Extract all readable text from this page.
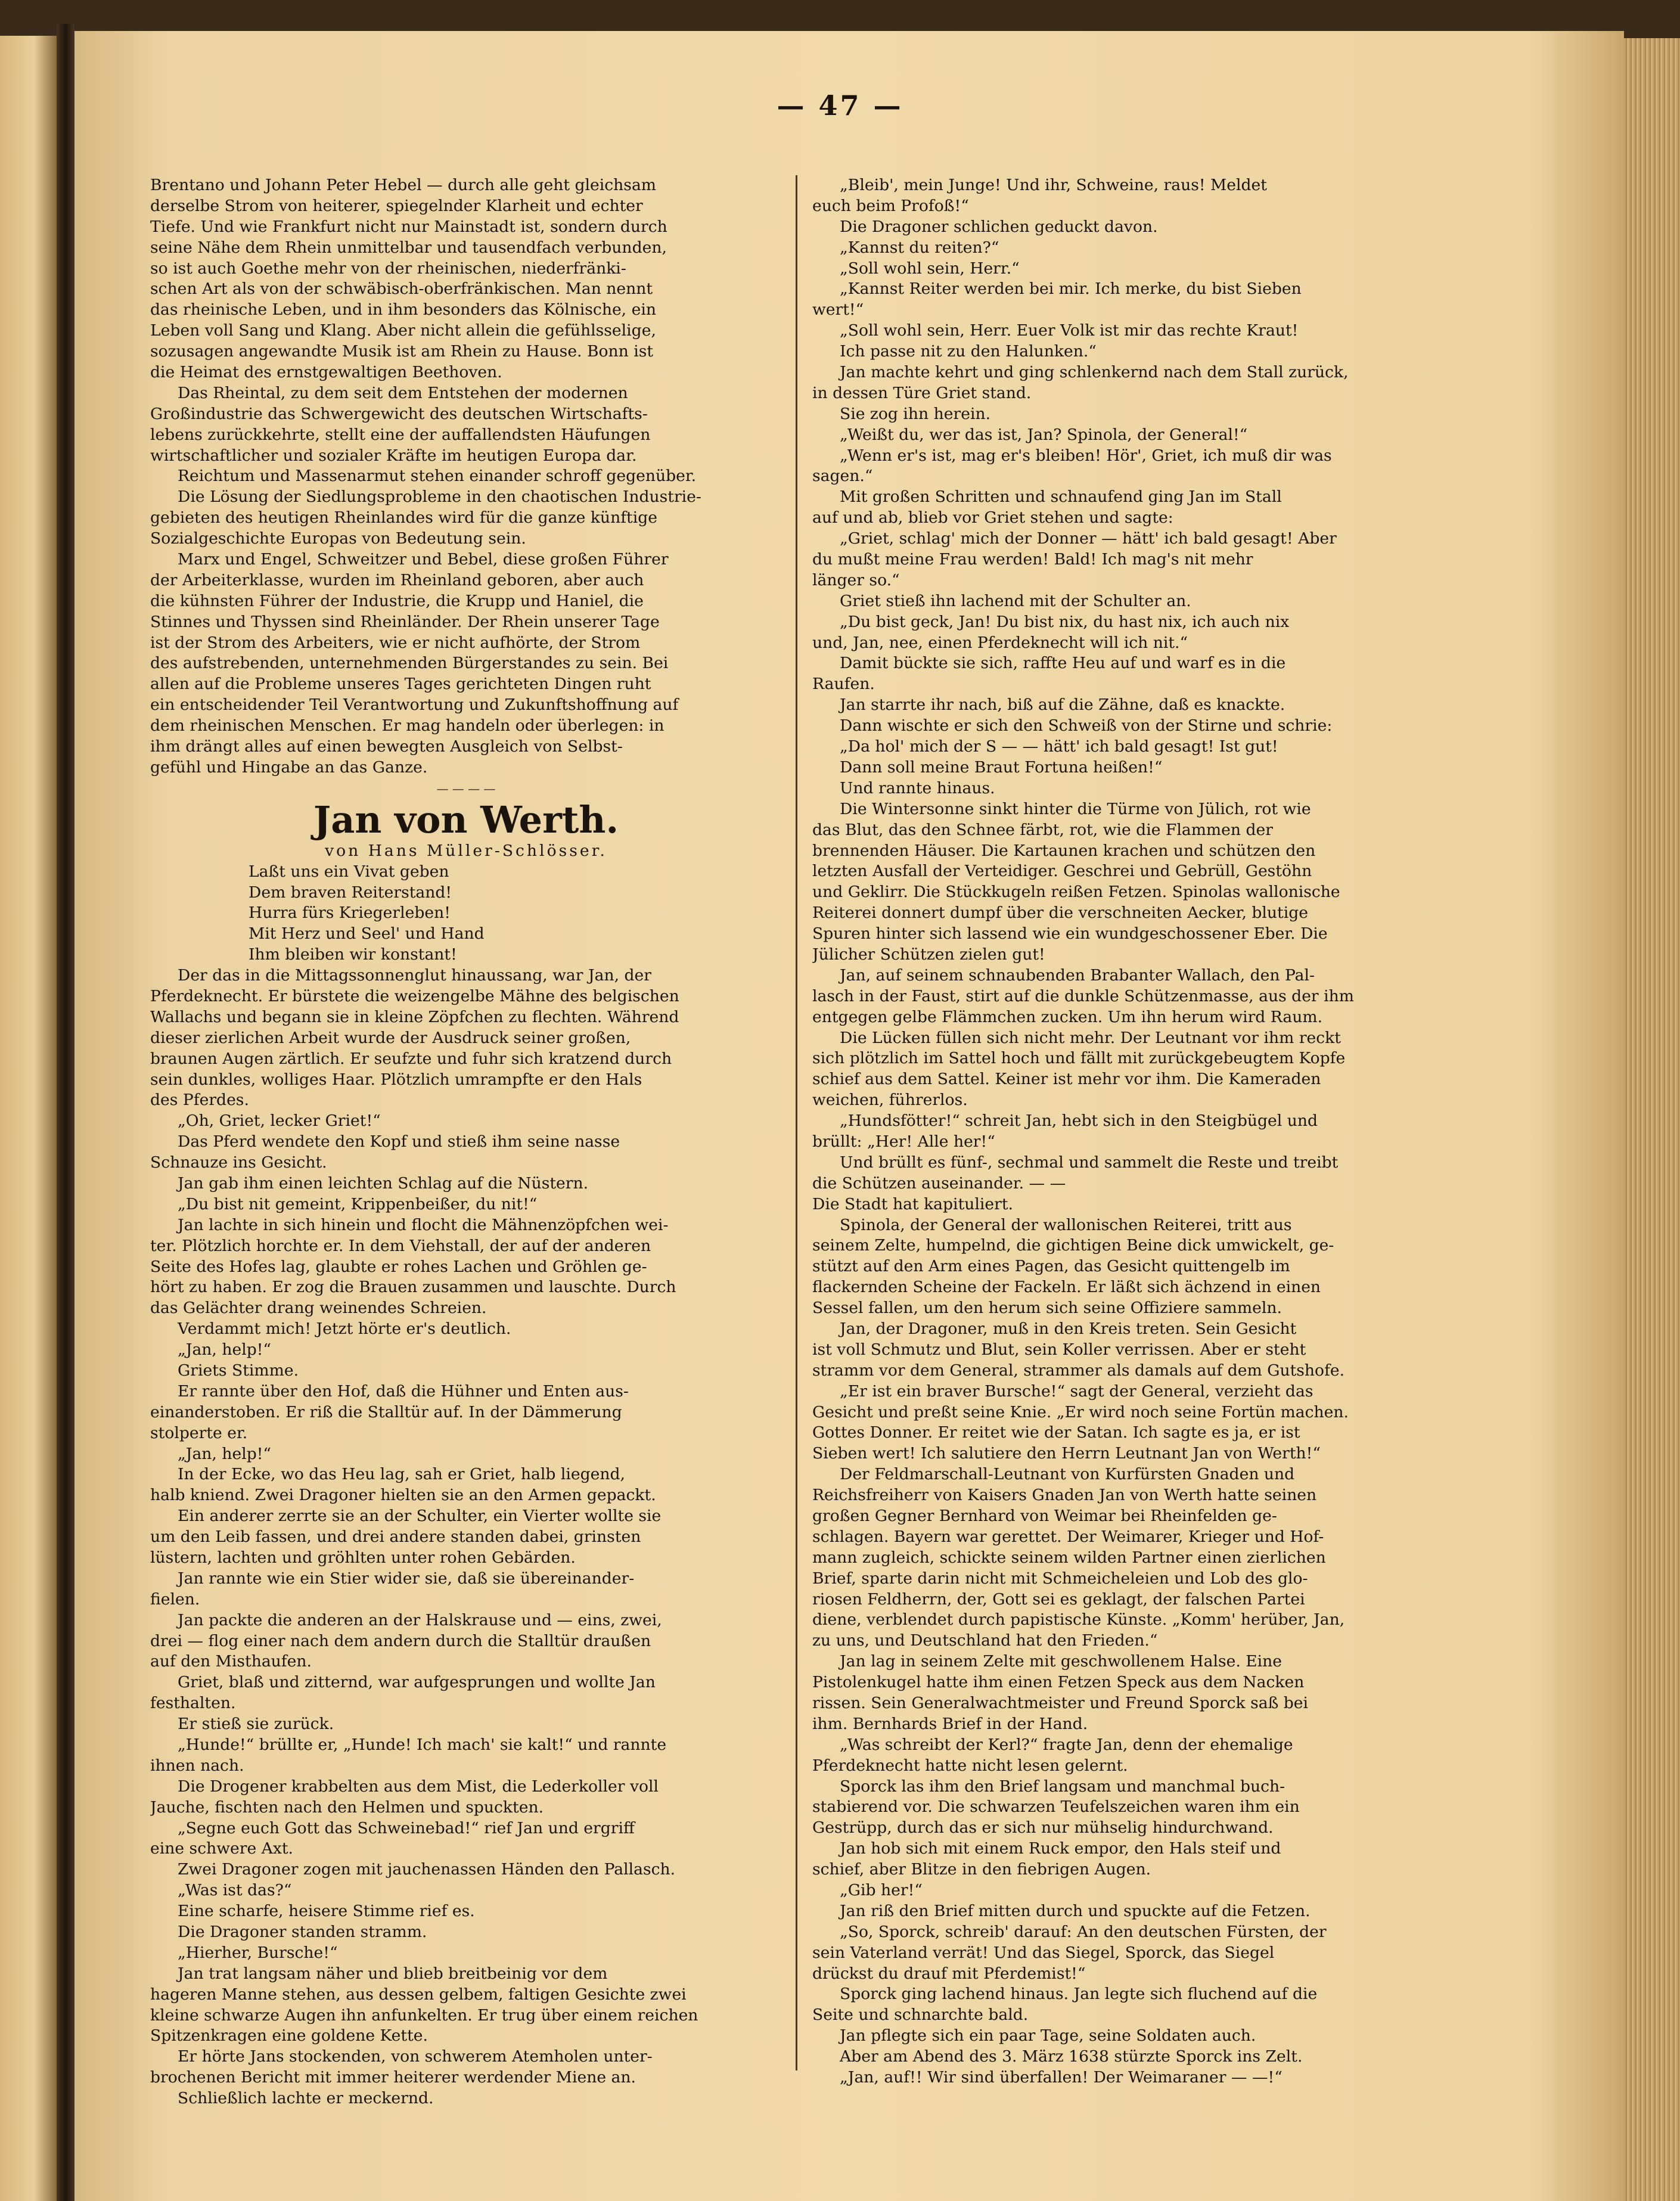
— 47 —
Brentano und Johann Peter Hebel — durch alle geht gleichsam
derselbe Strom von heiterer, spiegelnder Klarheit und echter
Tiefe. Und wie Frankfurt nicht nur Mainstadt ist, sondern durch
seine Nähe dem Rhein unmittelbar und tausendfach verbunden,
so ist auch Goethe mehr von der rheinischen, niederfränki-
schen Art als von der schwäbisch-oberfränkischen. Man nennt
das rheinische Leben, und in ihm besonders das Kölnische, ein
Leben voll Sang und Klang. Aber nicht allein die gefühlsselige,
sozusagen angewandte Musik ist am Rhein zu Hause. Bonn ist
die Heimat des ernstgewaltigen Beethoven.
Das Rheintal, zu dem seit dem Entstehen der modernen
Großindustrie das Schwergewicht des deutschen Wirtschafts-
lebens zurückkehrte, stellt eine der auffallendsten Häufungen
wirtschaftlicher und sozialer Kräfte im heutigen Europa dar.
Reichtum und Massenarmut stehen einander schroff gegenüber.
Die Lösung der Siedlungsprobleme in den chaotischen Industrie-
gebieten des heutigen Rheinlandes wird für die ganze künftige
Sozialgeschichte Europas von Bedeutung sein.
Marx und Engel, Schweitzer und Bebel, diese großen Führer
der Arbeiterklasse, wurden im Rheinland geboren, aber auch
die kühnsten Führer der Industrie, die Krupp und Haniel, die
Stinnes und Thyssen sind Rheinländer. Der Rhein unserer Tage
ist der Strom des Arbeiters, wie er nicht aufhörte, der Strom
des aufstrebenden, unternehmenden Bürgerstandes zu sein. Bei
allen auf die Probleme unseres Tages gerichteten Dingen ruht
ein entscheidender Teil Verantwortung und Zukunftshoffnung auf
dem rheinischen Menschen. Er mag handeln oder überlegen: in
ihm drängt alles auf einen bewegten Ausgleich von Selbst-
gefühl und Hingabe an das Ganze.
— — — —
Jan von Werth.
von Hans Müller-Schlösser.
Laßt uns ein Vivat geben
Dem braven Reiterstand!
Hurra fürs Kriegerleben!
Mit Herz und Seel' und Hand
Ihm bleiben wir konstant!
Der das in die Mittagssonnenglut hinaussang, war Jan, der
Pferdeknecht. Er bürstete die weizengelbe Mähne des belgischen
Wallachs und begann sie in kleine Zöpfchen zu flechten. Während
dieser zierlichen Arbeit wurde der Ausdruck seiner großen,
braunen Augen zärtlich. Er seufzte und fuhr sich kratzend durch
sein dunkles, wolliges Haar. Plötzlich umrampfte er den Hals
des Pferdes.
„Oh, Griet, lecker Griet!“
Das Pferd wendete den Kopf und stieß ihm seine nasse
Schnauze ins Gesicht.
Jan gab ihm einen leichten Schlag auf die Nüstern.
„Du bist nit gemeint, Krippenbeißer, du nit!“
Jan lachte in sich hinein und flocht die Mähnenzöpfchen wei-
ter. Plötzlich horchte er. In dem Viehstall, der auf der anderen
Seite des Hofes lag, glaubte er rohes Lachen und Gröhlen ge-
hört zu haben. Er zog die Brauen zusammen und lauschte. Durch
das Gelächter drang weinendes Schreien.
Verdammt mich! Jetzt hörte er's deutlich.
„Jan, help!“
Griets Stimme.
Er rannte über den Hof, daß die Hühner und Enten aus-
einanderstoben. Er riß die Stalltür auf. In der Dämmerung
stolperte er.
„Jan, help!“
In der Ecke, wo das Heu lag, sah er Griet, halb liegend,
halb kniend. Zwei Dragoner hielten sie an den Armen gepackt.
Ein anderer zerrte sie an der Schulter, ein Vierter wollte sie
um den Leib fassen, und drei andere standen dabei, grinsten
lüstern, lachten und gröhlten unter rohen Gebärden.
Jan rannte wie ein Stier wider sie, daß sie übereinander-
fielen.
Jan packte die anderen an der Halskrause und — eins, zwei,
drei — flog einer nach dem andern durch die Stalltür draußen
auf den Misthaufen.
Griet, blaß und zitternd, war aufgesprungen und wollte Jan
festhalten.
Er stieß sie zurück.
„Hunde!“ brüllte er, „Hunde! Ich mach' sie kalt!“ und rannte
ihnen nach.
Die Drogener krabbelten aus dem Mist, die Lederkoller voll
Jauche, fischten nach den Helmen und spuckten.
„Segne euch Gott das Schweinebad!“ rief Jan und ergriff
eine schwere Axt.
Zwei Dragoner zogen mit jauchenassen Händen den Pallasch.
„Was ist das?“
Eine scharfe, heisere Stimme rief es.
Die Dragoner standen stramm.
„Hierher, Bursche!“
Jan trat langsam näher und blieb breitbeinig vor dem
hageren Manne stehen, aus dessen gelbem, faltigen Gesichte zwei
kleine schwarze Augen ihn anfunkelten. Er trug über einem reichen
Spitzenkragen eine goldene Kette.
Er hörte Jans stockenden, von schwerem Atemholen unter-
brochenen Bericht mit immer heiterer werdender Miene an.
Schließlich lachte er meckernd.
„Bleib', mein Junge! Und ihr, Schweine, raus! Meldet
euch beim Profoß!“
Die Dragoner schlichen geduckt davon.
„Kannst du reiten?“
„Soll wohl sein, Herr.“
„Kannst Reiter werden bei mir. Ich merke, du bist Sieben
wert!“
„Soll wohl sein, Herr. Euer Volk ist mir das rechte Kraut!
Ich passe nit zu den Halunken.“
Jan machte kehrt und ging schlenkernd nach dem Stall zurück,
in dessen Türe Griet stand.
Sie zog ihn herein.
„Weißt du, wer das ist, Jan? Spinola, der General!“
„Wenn er's ist, mag er's bleiben! Hör', Griet, ich muß dir was
sagen.“
Mit großen Schritten und schnaufend ging Jan im Stall
auf und ab, blieb vor Griet stehen und sagte:
„Griet, schlag' mich der Donner — hätt' ich bald gesagt! Aber
du mußt meine Frau werden! Bald! Ich mag's nit mehr
länger so.“
Griet stieß ihn lachend mit der Schulter an.
„Du bist geck, Jan! Du bist nix, du hast nix, ich auch nix
und, Jan, nee, einen Pferdeknecht will ich nit.“
Damit bückte sie sich, raffte Heu auf und warf es in die
Raufen.
Jan starrte ihr nach, biß auf die Zähne, daß es knackte.
Dann wischte er sich den Schweiß von der Stirne und schrie:
„Da hol' mich der S — — hätt' ich bald gesagt! Ist gut!
Dann soll meine Braut Fortuna heißen!“
Und rannte hinaus.
Die Wintersonne sinkt hinter die Türme von Jülich, rot wie
das Blut, das den Schnee färbt, rot, wie die Flammen der
brennenden Häuser. Die Kartaunen krachen und schützen den
letzten Ausfall der Verteidiger. Geschrei und Gebrüll, Gestöhn
und Geklirr. Die Stückkugeln reißen Fetzen. Spinolas wallonische
Reiterei donnert dumpf über die verschneiten Aecker, blutige
Spuren hinter sich lassend wie ein wundgeschossener Eber. Die
Jülicher Schützen zielen gut!
Jan, auf seinem schnaubenden Brabanter Wallach, den Pal-
lasch in der Faust, stirt auf die dunkle Schützenmasse, aus der ihm
entgegen gelbe Flämmchen zucken. Um ihn herum wird Raum.
Die Lücken füllen sich nicht mehr. Der Leutnant vor ihm reckt
sich plötzlich im Sattel hoch und fällt mit zurückgebeugtem Kopfe
schief aus dem Sattel. Keiner ist mehr vor ihm. Die Kameraden
weichen, führerlos.
„Hundsfötter!“ schreit Jan, hebt sich in den Steigbügel und
brüllt: „Her! Alle her!“
Und brüllt es fünf-, sechmal und sammelt die Reste und treibt
die Schützen auseinander. — —
Die Stadt hat kapituliert.
Spinola, der General der wallonischen Reiterei, tritt aus
seinem Zelte, humpelnd, die gichtigen Beine dick umwickelt, ge-
stützt auf den Arm eines Pagen, das Gesicht quittengelb im
flackernden Scheine der Fackeln. Er läßt sich ächzend in einen
Sessel fallen, um den herum sich seine Offiziere sammeln.
Jan, der Dragoner, muß in den Kreis treten. Sein Gesicht
ist voll Schmutz und Blut, sein Koller verrissen. Aber er steht
stramm vor dem General, strammer als damals auf dem Gutshofe.
„Er ist ein braver Bursche!“ sagt der General, verzieht das
Gesicht und preßt seine Knie. „Er wird noch seine Fortün machen.
Gottes Donner. Er reitet wie der Satan. Ich sagte es ja, er ist
Sieben wert! Ich salutiere den Herrn Leutnant Jan von Werth!“
Der Feldmarschall-Leutnant von Kurfürsten Gnaden und
Reichsfreiherr von Kaisers Gnaden Jan von Werth hatte seinen
großen Gegner Bernhard von Weimar bei Rheinfelden ge-
schlagen. Bayern war gerettet. Der Weimarer, Krieger und Hof-
mann zugleich, schickte seinem wilden Partner einen zierlichen
Brief, sparte darin nicht mit Schmeicheleien und Lob des glo-
riosen Feldherrn, der, Gott sei es geklagt, der falschen Partei
diene, verblendet durch papistische Künste. „Komm' herüber, Jan,
zu uns, und Deutschland hat den Frieden.“
Jan lag in seinem Zelte mit geschwollenem Halse. Eine
Pistolenkugel hatte ihm einen Fetzen Speck aus dem Nacken
rissen. Sein Generalwachtmeister und Freund Sporck saß bei
ihm. Bernhards Brief in der Hand.
„Was schreibt der Kerl?“ fragte Jan, denn der ehemalige
Pferdeknecht hatte nicht lesen gelernt.
Sporck las ihm den Brief langsam und manchmal buch-
stabierend vor. Die schwarzen Teufelszeichen waren ihm ein
Gestrüpp, durch das er sich nur mühselig hindurchwand.
Jan hob sich mit einem Ruck empor, den Hals steif und
schief, aber Blitze in den fiebrigen Augen.
„Gib her!“
Jan riß den Brief mitten durch und spuckte auf die Fetzen.
„So, Sporck, schreib' darauf: An den deutschen Fürsten, der
sein Vaterland verrät! Und das Siegel, Sporck, das Siegel
drückst du drauf mit Pferdemist!“
Sporck ging lachend hinaus. Jan legte sich fluchend auf die
Seite und schnarchte bald.
Jan pflegte sich ein paar Tage, seine Soldaten auch.
Aber am Abend des 3. März 1638 stürzte Sporck ins Zelt.
„Jan, auf!! Wir sind überfallen! Der Weimaraner — —!“
